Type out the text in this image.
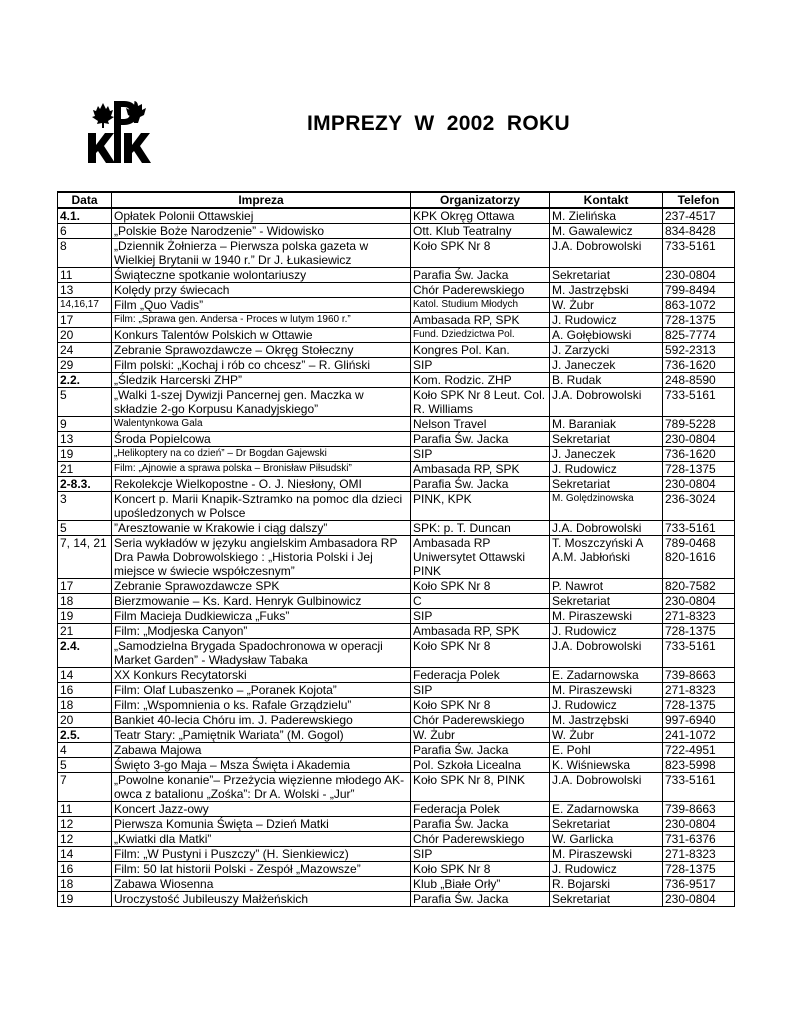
IMPREZY  W  2002  ROKU
Data	Impreza	Organizatorzy	Kontakt	Telefon
4.1.	Opłatek Polonii Ottawskiej	KPK Okręg Ottawa	M. Zielińska	237-4517
6	„Polskie Boże Narodzenie” - Widowisko	Ott. Klub Teatralny	M. Gawalewicz	834-8428
8	„Dziennik Żołnierza – Pierwsza polska gazeta w Wielkiej Brytanii w 1940 r.” Dr J. Łukasiewicz	Koło SPK Nr 8	J.A. Dobrowolski	733-5161
11	Świąteczne spotkanie wolontariuszy	Parafia Św. Jacka	Sekretariat	230-0804
13	Kolędy przy świecach	Chór Paderewskiego	M. Jastrzębski	799-8494
14,16,17	Film „Quo Vadis”	Katol. Studium Młodych	W. Żubr	863-1072
17	Film: „Sprawa gen. Andersa - Proces w lutym 1960 r.”	Ambasada RP, SPK	J. Rudowicz	728-1375
20	Konkurs Talentów Polskich w Ottawie	Fund. Dziedzictwa Pol.	A. Gołębiowski	825-7774
24	Zebranie Sprawozdawcze – Okręg Stołeczny	Kongres Pol. Kan.	J. Zarzycki	592-2313
29	Film polski: „Kochaj i rób co chcesz” – R. Gliński	SIP	J. Janeczek	736-1620
2.2.	„Śledzik Harcerski ZHP”	Kom. Rodzic. ZHP	B. Rudak	248-8590
5	„Walki 1-szej Dywizji Pancernej gen. Maczka w składzie 2-go Korpusu Kanadyjskiego”	Koło SPK Nr 8 Leut. Col. R. Williams	J.A. Dobrowolski	733-5161
9	Walentynkowa Gala	Nelson Travel	M. Baraniak	789-5228
13	Środa Popielcowa	Parafia Św. Jacka	Sekretariat	230-0804
19	„Helikoptery na co dzień” – Dr Bogdan Gajewski	SIP	J. Janeczek	736-1620
21	Film: „Ajnowie a sprawa polska – Bronisław Piłsudski”	Ambasada RP, SPK	J. Rudowicz	728-1375
2-8.3.	Rekolekcje Wielkopostne - O. J. Niesłony, OMI	Parafia Św. Jacka	Sekretariat	230-0804
3	Koncert p. Marii Knapik-Sztramko na pomoc dla dzieci upośledzonych w Polsce	PINK, KPK	M. Golędzinowska	236-3024
5	”Aresztowanie w Krakowie i ciąg dalszy”	SPK: p. T. Duncan	J.A. Dobrowolski	733-5161
7, 14, 21	Seria wykładów w języku angielskim Ambasadora RP Dra Pawła Dobrowolskiego : „Historia Polski i Jej miejsce w świecie współczesnym”	Ambasada RP Uniwersytet Ottawski PINK	T. Moszczyński A A.M. Jabłoński	789-0468 820-1616
17	Zebranie Sprawozdawcze SPK	Koło SPK Nr 8	P. Nawrot	820-7582
18	Bierzmowanie – Ks. Kard. Henryk Gulbinowicz	C	Sekretariat	230-0804
19	Film Macieja Dudkiewicza „Fuks”	SIP	M. Piraszewski	271-8323
21	Film: „Modjeska Canyon”	Ambasada RP, SPK	J. Rudowicz	728-1375
2.4.	„Samodzielna Brygada Spadochronowa w operacji Market Garden” - Władysław Tabaka	Koło SPK Nr 8	J.A. Dobrowolski	733-5161
14	XX Konkurs Recytatorski	Federacja Polek	E. Zadarnowska	739-8663
16	Film: Olaf Lubaszenko – „Poranek Kojota”	SIP	M. Piraszewski	271-8323
18	Film: „Wspomnienia o ks. Rafale Grządzielu”	Koło SPK Nr 8	J. Rudowicz	728-1375
20	Bankiet 40-lecia Chóru im. J. Paderewskiego	Chór Paderewskiego	M. Jastrzębski	997-6940
2.5.	Teatr Stary: „Pamiętnik Wariata” (M. Gogol)	W. Żubr	W. Żubr	241-1072
4	Zabawa Majowa	Parafia Św. Jacka	E. Pohl	722-4951
5	Święto 3-go Maja – Msza Święta i Akademia	Pol. Szkoła Licealna	K. Wiśniewska	823-5998
7	„Powolne konanie”– Przeżycia więzienne młodego AK-owca z batalionu „Zośka”: Dr A. Wolski - „Jur”	Koło SPK Nr 8, PINK	J.A. Dobrowolski	733-5161
11	Koncert Jazz-owy	Federacja Polek	E. Zadarnowska	739-8663
12	Pierwsza Komunia Święta – Dzień Matki	Parafia Św. Jacka	Sekretariat	230-0804
12	„Kwiatki dla Matki”	Chór Paderewskiego	W. Garlicka	731-6376
14	Film: „W Pustyni i Puszczy” (H. Sienkiewicz)	SIP	M. Piraszewski	271-8323
16	Film: 50 lat historii Polski - Zespół „Mazowsze”	Koło SPK Nr 8	J. Rudowicz	728-1375
18	Zabawa Wiosenna	Klub „Białe Orły”	R. Bojarski	736-9517
19	Uroczystość Jubileuszy Małżeńskich	Parafia Św. Jacka	Sekretariat	230-0804
